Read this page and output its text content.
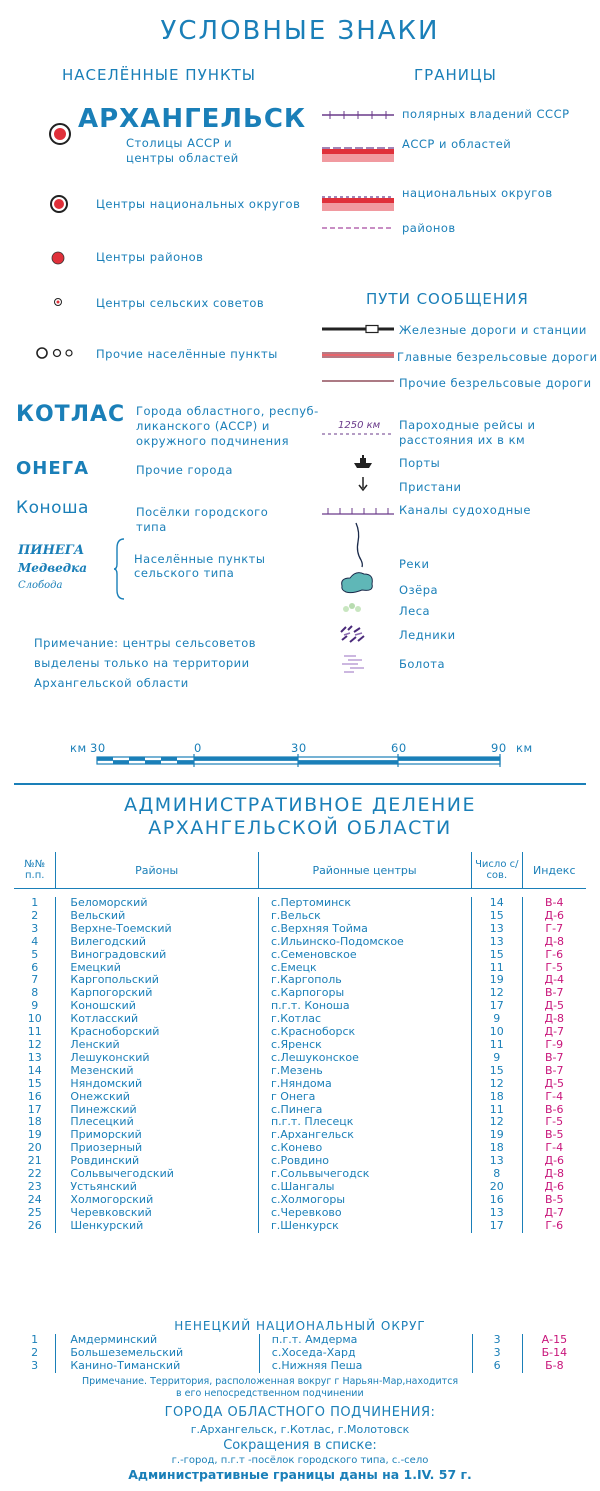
УСЛОВНЫЕ ЗНАКИ
НАСЕЛЁННЫЕ ПУНКТЫ
АРХАНГЕЛЬСК
Столицы АССР и
центры областей
Центры национальных округов
Центры районов
Центры сельских советов
Прочие населённые пункты
КОТЛАС Города областного, респуб-
ликанского (АССР) и
окружного подчинения
ОНЕГА	Прочие города
Коноша	Посёлки городского
типа
ПИНЕГА
Медведка
Слобода
Населённые пункты
сельского типа
Примечание: центры сельсоветов
выделены только на территории
Архангельской области
ГРАНИЦЫ
полярных владений СССР
АССР и областей
национальных округов
районов
ПУТИ СООБЩЕНИЯ
Железные дороги и станции
Главные безрельсовые дороги
Прочие безрельсовые дороги
1250 км Пароходные рейсы и
расстояния их в км
Порты
Пристани
Каналы судоходные
Реки
Озёра
Леса
Ледники
Болота
км 30	0	30	60	90 км
АДМИНИСТРАТИВНОЕ ДЕЛЕНИЕ
АРХАНГЕЛЬСКОЙ ОБЛАСТИ
№№ п.п.	Районы	Районные центры	Число с/сов.	Индекс

1	Беломорский	с.Пертоминск	14	В-4
2	Вельский	г.Вельск	15	Д-6
3	Верхне-Тоемский	с.Верхняя Тойма	13	Г-7
4	Вилегодский	с.Ильинско-Подомское	13	Д-8
5	Виноградовский	с.Семеновское	15	Г-6
6	Емецкий	с.Емецк	11	Г-5
7	Каргопольский	г.Каргополь	19	Д-4
8	Карпогорский	с.Карпогоры	12	В-7
9	Коношский	п.г.т. Коноша	17	Д-5
10	Котласский	г.Котлас	9	Д-8
11	Красноборский	с.Красноборск	10	Д-7
12	Ленский	с.Яренск	11	Г-9
13	Лешуконский	с.Лешуконское	9	В-7
14	Мезенский	г.Мезень	15	В-7
15	Няндомский	г.Няндома	12	Д-5
16	Онежский	г Онега	18	Г-4
17	Пинежский	с.Пинега	11	В-6
18	Плесецкий	п.г.т. Плесецк	12	Г-5
19	Приморский	г.Архангельск	19	В-5
20	Приозерный	с.Конево	18	Г-4
21	Ровдинский	с.Ровдино	13	Д-6
22	Сольвычегодский	г.Сольвычегодск	8	Д-8
23	Устьянский	с.Шангалы	20	Д-6
24	Холмогорский	с.Холмогоры	16	В-5
25	Черевковский	с.Черевково	13	Д-7
26	Шенкурский	г.Шенкурск	17	Г-6
НЕНЕЦКИЙ НАЦИОНАЛЬНЫЙ ОКРУГ
1	Амдерминский	п.г.т. Амдерма	3	А-15
2	Большеземельский	с.Хоседа-Хард	3	Б-14
3	Канино-Тиманский	с.Нижняя Пеша	6	Б-8
Примечание. Территория, расположенная вокруг г Нарьян-Мар,находится
в его непосредственном подчинении
ГОРОДА ОБЛАСТНОГО ПОДЧИНЕНИЯ:
г.Архангельск, г.Котлас, г.Молотовск
Сокращения в списке:
г.-город, п.г.т -посёлок городского типа, с.-село
Административные границы даны на 1.IV. 57 г.
